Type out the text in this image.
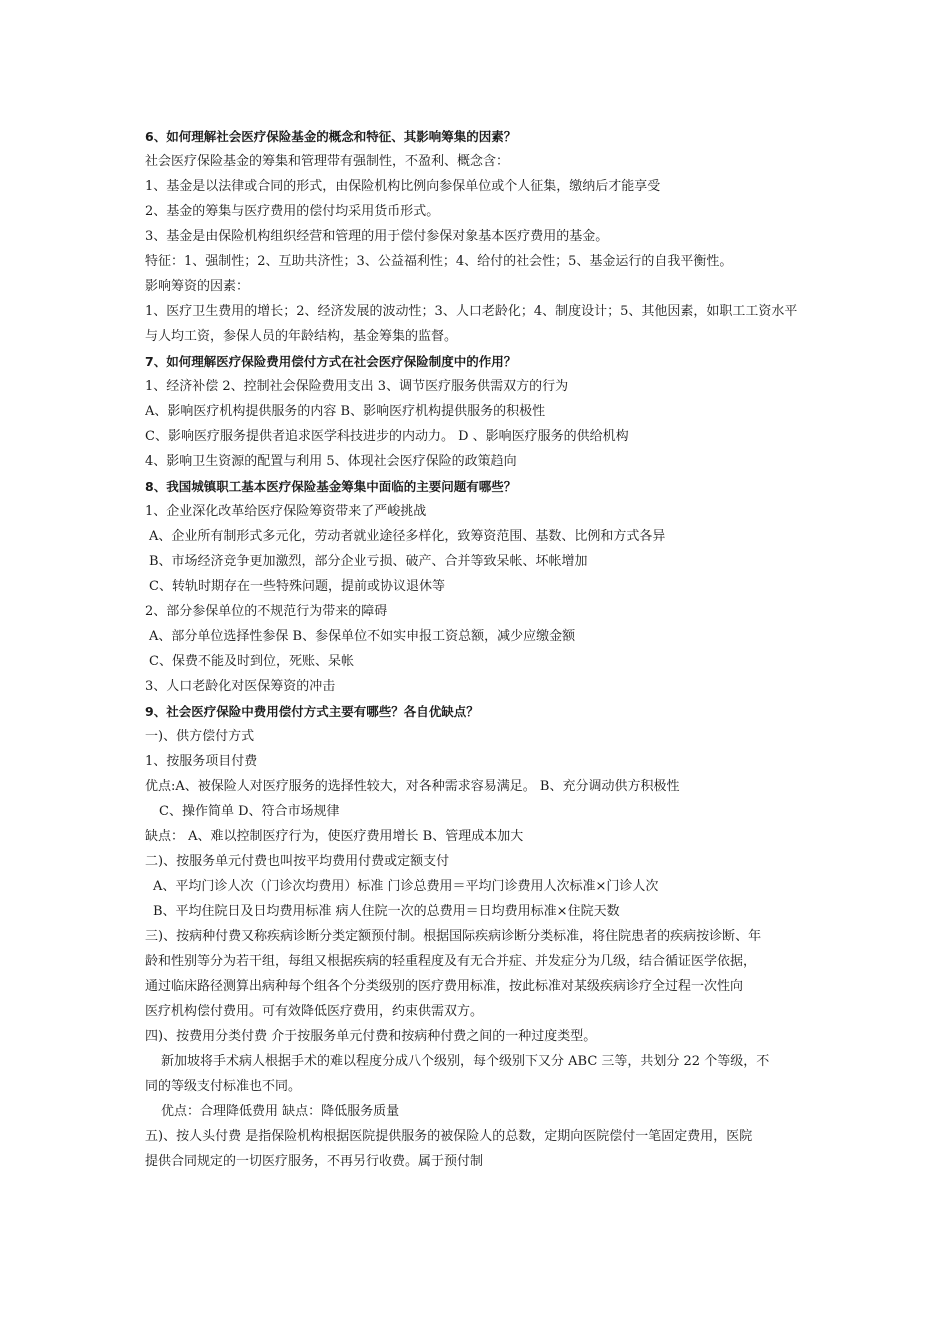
6、如何理解社会医疗保险基金的概念和特征、其影响筹集的因素？
社会医疗保险基金的筹集和管理带有强制性，不盈利、概念含：
1、基金是以法律或合同的形式，由保险机构比例向参保单位或个人征集，缴纳后才能享受
2、基金的筹集与医疗费用的偿付均采用货币形式。
3、基金是由保险机构组织经营和管理的用于偿付参保对象基本医疗费用的基金。
特征：1、强制性；2、互助共济性；3、公益福利性；4、给付的社会性；5、基金运行的自我平衡性。
影响筹资的因素：
1、医疗卫生费用的增长；2、经济发展的波动性；3、人口老龄化；4、制度设计；5、其他因素，如职工工资水平
与人均工资，参保人员的年龄结构，基金筹集的监督。
7、如何理解医疗保险费用偿付方式在社会医疗保险制度中的作用？
1、经济补偿 2、控制社会保险费用支出 3、调节医疗服务供需双方的行为
A、影响医疗机构提供服务的内容 B、影响医疗机构提供服务的积极性
C、影响医疗服务提供者追求医学科技进步的内动力。 D 、影响医疗服务的供给机构
4、影响卫生资源的配置与利用 5、体现社会医疗保险的政策趋向
8、我国城镇职工基本医疗保险基金筹集中面临的主要问题有哪些？
1、企业深化改革给医疗保险筹资带来了严峻挑战
A、企业所有制形式多元化，劳动者就业途径多样化，致筹资范围、基数、比例和方式各异
B、市场经济竞争更加激烈，部分企业亏损、破产、合并等致呆帐、坏帐增加
C、转轨时期存在一些特殊问题，提前或协议退休等
2、部分参保单位的不规范行为带来的障碍
A、部分单位选择性参保 B、参保单位不如实申报工资总额，减少应缴金额
C、保费不能及时到位，死账、呆帐
3、人口老龄化对医保筹资的冲击
9、社会医疗保险中费用偿付方式主要有哪些？各自优缺点？
一)、供方偿付方式
1、按服务项目付费
优点:A、被保险人对医疗服务的选择性较大，对各种需求容易满足。 B、充分调动供方积极性
C、操作简单 D、符合市场规律
缺点： A、难以控制医疗行为，使医疗费用增长 B、管理成本加大
二)、按服务单元付费也叫按平均费用付费或定额支付
A、平均门诊人次（门诊次均费用）标准 门诊总费用＝平均门诊费用人次标准×门诊人次
B、平均住院日及日均费用标准 病人住院一次的总费用＝日均费用标准×住院天数
三)、按病种付费又称疾病诊断分类定额预付制。根据国际疾病诊断分类标准，将住院患者的疾病按诊断、年
龄和性别等分为若干组，每组又根据疾病的轻重程度及有无合并症、并发症分为几级，结合循证医学依据，
通过临床路径测算出病种每个组各个分类级别的医疗费用标准，按此标准对某级疾病诊疗全过程一次性向
医疗机构偿付费用。可有效降低医疗费用，约束供需双方。
四)、按费用分类付费 介于按服务单元付费和按病种付费之间的一种过度类型。
新加坡将手术病人根据手术的难以程度分成八个级别，每个级别下又分 ABC 三等，共划分 22 个等级，不
同的等级支付标准也不同。
优点：合理降低费用 缺点：降低服务质量
五)、按人头付费 是指保险机构根据医院提供服务的被保险人的总数，定期向医院偿付一笔固定费用，医院
提供合同规定的一切医疗服务，不再另行收费。属于预付制
